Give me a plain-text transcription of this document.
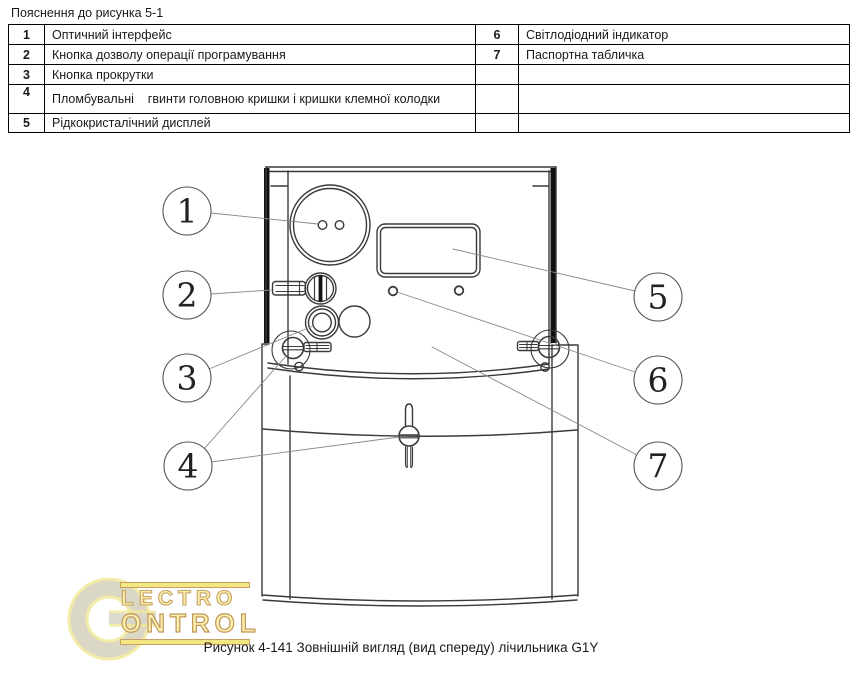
Пояснення до рисунка 5-1
1	Оптичний інтерфейс	6	Світлодіодний індикатор

2	Кнопка дозволу операції програмування	7	Паспортна табличка

3	Кнопка прокрутки		

4	Пломбувальні    гвинти головною кришки і кришки клемної колодки		

5	Рідкокристалічний дисплей		

1
2
3
4
5
6
7
LECTRO
ONTROL
Рисунок 4-141 Зовнішній вигляд (вид спереду) лічильника G1Y
